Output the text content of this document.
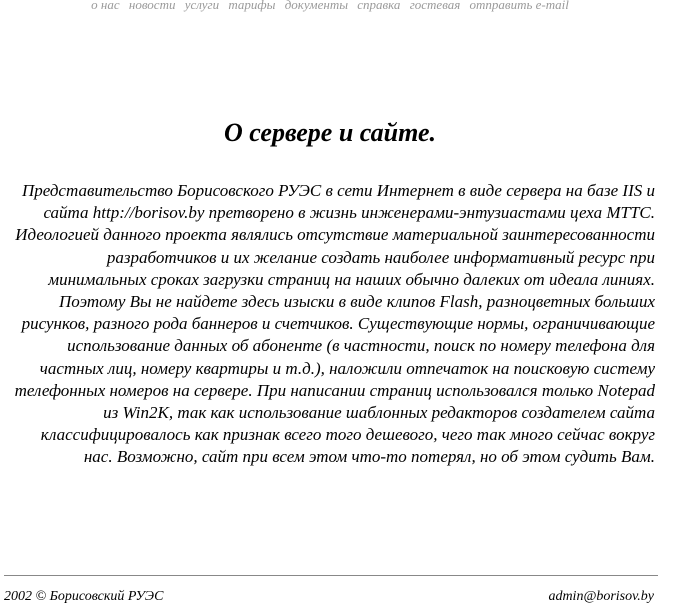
о нас новости услуги тарифы документы справка гостевая отправить e-mail
О сервере и сайте.

Представительство Борисовского РУЭС в сети Интернет в виде сервера на базе IIS и сайта http://borisov.by претворено в жизнь инженерами-энтузиастами цеха МТТС.

Идеологией данного проекта являлись отсутствие материальной заинтересованности разработчиков и их желание создать наиболее информативный ресурс при минимальных сроках загрузки страниц на наших обычно далеких от идеала линиях. Поэтому Вы не найдете здесь изыски в виде клипов Flash, разноцветных больших рисунков, разного рода баннеров и счетчиков. Существующие нормы, ограничивающие использование данных об абоненте (в частности, поиск по номеру телефона для частных лиц, номеру квартиры и т.д.), наложили отпечаток на поисковую систему телефонных номеров на сервере. При написании страниц использовался только Notepad из Win2K, так как использование шаблонных редакторов создателем сайта классифицировалось как признак всего того дешевого, чего так много сейчас вокруг нас. Возможно, сайт при всем этом что-то потерял, но об этом судить Вам.

2002 © Борисовский РУЭС	admin@borisov.by
